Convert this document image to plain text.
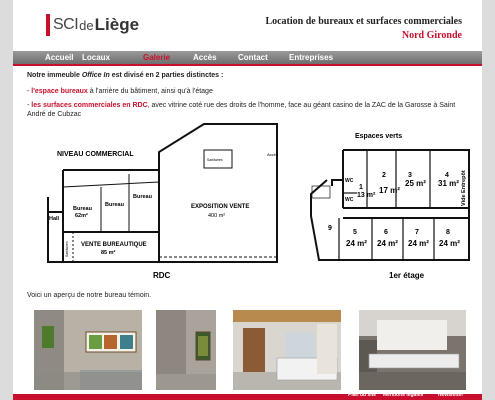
SCI de Liège	Location de bureaux et surfaces commerciales
Nord Gironde
Accueil Locaux	Galerie	Accès	Contact	Entreprises
Notre immeuble Office In est divisé en 2 parties distinctes :
- l'espace bureaux à l'arrière du bâtiment, ainsi qu'à l'étage
- les surfaces commerciales en RDC, avec vitrine coté rue des droits de l'homme, face au géant casino de la ZAC de la Garosse à Saint André de Cubzac
NIVEAU COMMERCIAL
Hall
Bureau
62m²
Bureau
Bureau
Sanitaires
Sanitaires VENTE BUREAUTIQUE
85 m²
EXPOSITION VENTE
400 m²
Accès
RDC
Espaces verts
WC
WC	Vide Entrepôt
1er étage
1
13 m²
2
17 m²
3
25 m²
4
31 m²
5
24 m²
6
24 m²
7
24 m²
8
24 m²
9
Voici un aperçu de notre bureau témoin.
Plan du site Mentions légales	Newsletter
